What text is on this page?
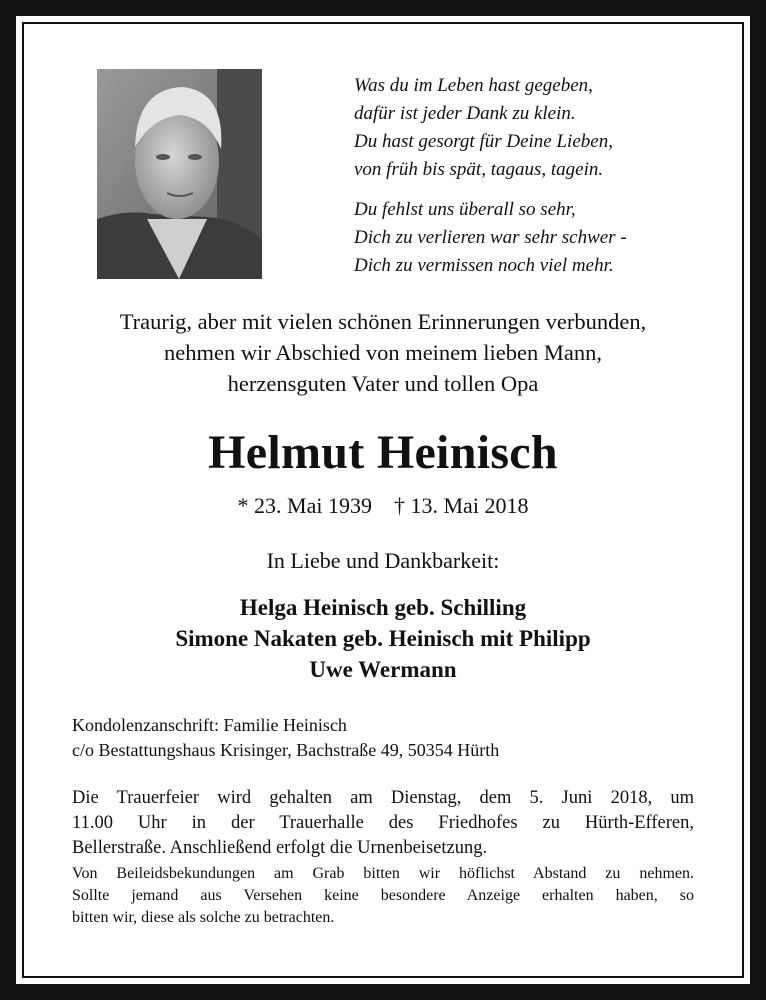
Was du im Leben hast gegeben,
dafür ist jeder Dank zu klein.
Du hast gesorgt für Deine Lieben,
von früh bis spät, tagaus, tagein.
Du fehlst uns überall so sehr,
Dich zu verlieren war sehr schwer -
Dich zu vermissen noch viel mehr.
Traurig, aber mit vielen schönen Erinnerungen verbunden,
nehmen wir Abschied von meinem lieben Mann,
herzensguten Vater und tollen Opa
Helmut Heinisch
* 23. Mai 1939 † 13. Mai 2018
In Liebe und Dankbarkeit:
Helga Heinisch geb. Schilling
Simone Nakaten geb. Heinisch mit Philipp
Uwe Wermann
Kondolenzanschrift: Familie Heinisch
c/o Bestattungshaus Krisinger, Bachstraße 49, 50354 Hürth
Die Trauerfeier wird gehalten am Dienstag, dem 5. Juni 2018, um
11.00 Uhr in der Trauerhalle des Friedhofes zu Hürth-Efferen,
Bellerstraße. Anschließend erfolgt die Urnenbeisetzung.
Von Beileidsbekundungen am Grab bitten wir höflichst Abstand zu nehmen.
Sollte jemand aus Versehen keine besondere Anzeige erhalten haben, so
bitten wir, diese als solche zu betrachten.
